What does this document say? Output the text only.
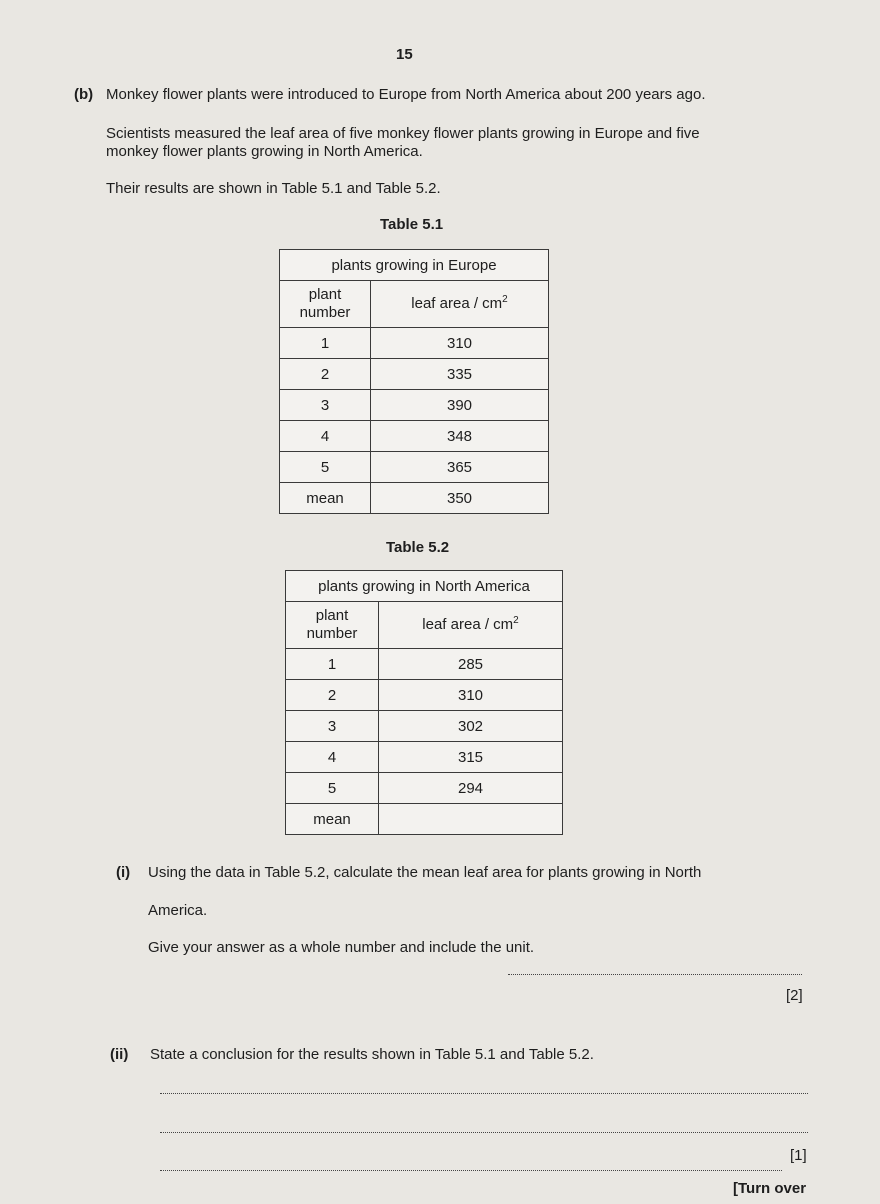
15
(b) Monkey flower plants were introduced to Europe from North America about 200 years ago.
Scientists measured the leaf area of five monkey flower plants growing in Europe and five
monkey flower plants growing in North America.
Their results are shown in Table 5.1 and Table 5.2.
Table 5.1
plants growing in Europe	
plant
number	leaf area / $cm^2$
1	310
2	335
3	390
4	348
5	365
mean	350
Table 5.2
plants growing in North America	
plant
number	leaf area / $cm^2$
1	285
2	310
3	302
4	315
5	294
mean	
(i) Using the data in Table 5.2, calculate the mean leaf area for plants growing in North
America.
Give your answer as a whole number and include the unit.
[2]
(ii) State a conclusion for the results shown in Table 5.1 and Table 5.2.
[1]
[Turn over
